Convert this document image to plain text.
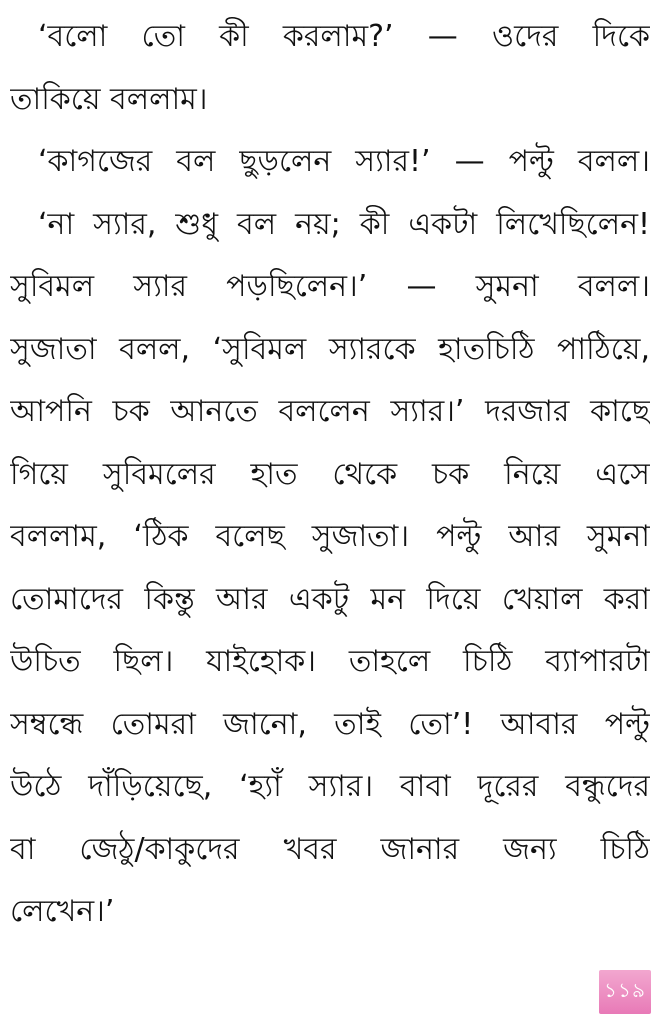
‘বলো তো কী করলাম?’ — ওদের দিকে
তাকিয়ে বললাম।
‘কাগজের বল ছুড়লেন স্যার!’ — পল্টু বলল।
‘না স্যার, শুধু বল নয়; কী একটা লিখেছিলেন!
সুবিমল স্যার পড়ছিলেন।’ — সুমনা বলল।
সুজাতা বলল, ‘সুবিমল স্যারকে হাতচিঠি পাঠিয়ে,
আপনি চক আনতে বললেন স্যার।’ দরজার কাছে
গিয়ে সুবিমলের হাত থেকে চক নিয়ে এসে
বললাম, ‘ঠিক বলেছ সুজাতা। পল্টু আর সুমনা
তোমাদের কিন্তু আর একটু মন দিয়ে খেয়াল করা
উচিত ছিল। যাইহোক। তাহলে চিঠি ব্যাপারটা
সম্বন্ধে তোমরা জানো, তাই তো’! আবার পল্টু
উঠে দাঁড়িয়েছে, ‘হ্যাঁ স্যার। বাবা দূরের বন্ধুদের
বা জেঠু/কাকুদের খবর জানার জন্য চিঠি
লেখেন।’
১১৯
